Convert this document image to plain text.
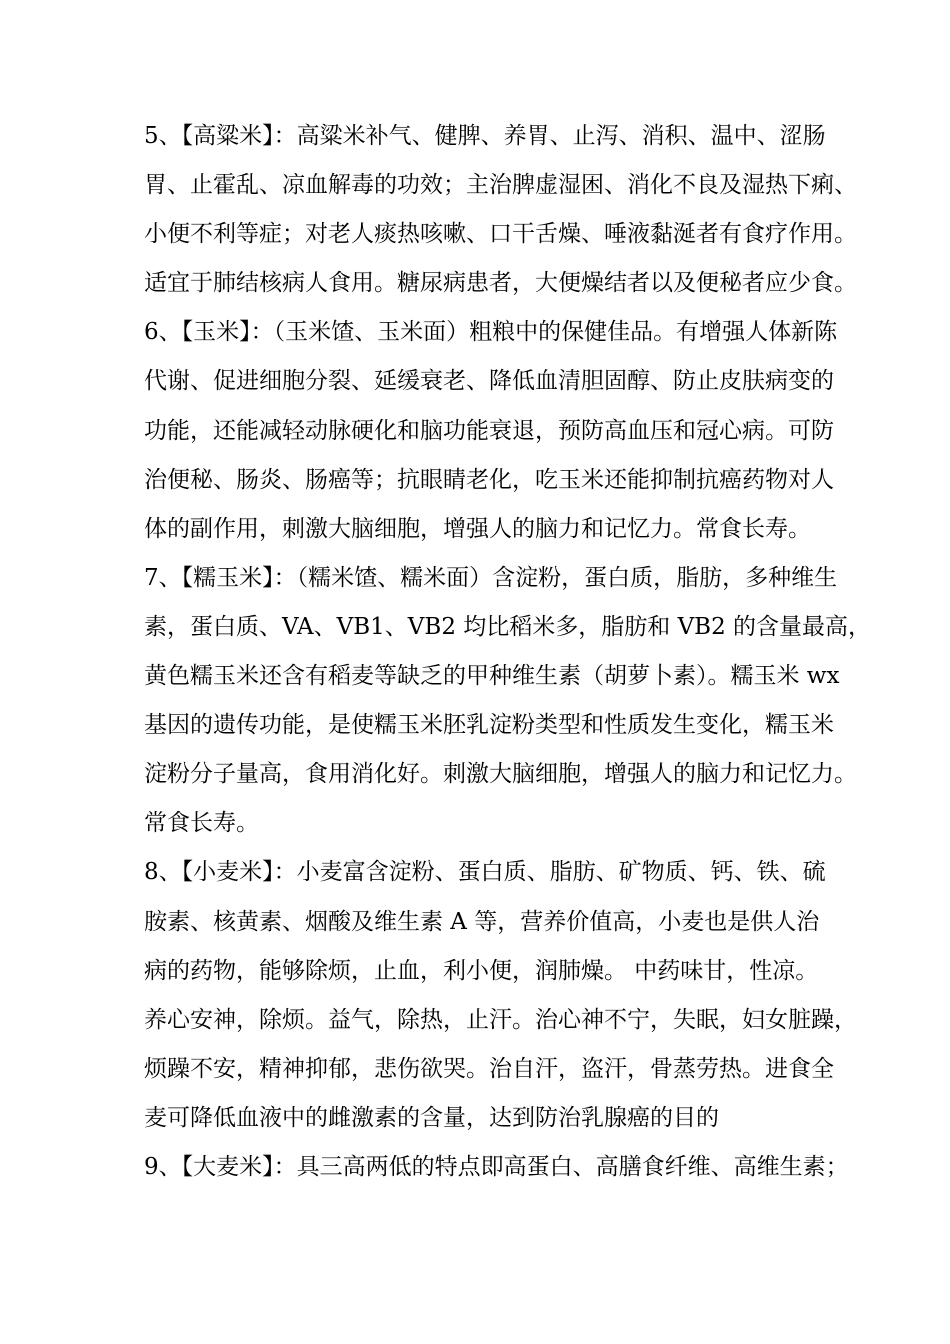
5、【高粱米】：高粱米补气、健脾、养胃、止泻、消积、温中、涩肠
胃、止霍乱、凉血解毒的功效；主治脾虚湿困、消化不良及湿热下痢、
小便不利等症；对老人痰热咳嗽、口干舌燥、唾液黏涎者有食疗作用。
适宜于肺结核病人食用。糖尿病患者，大便燥结者以及便秘者应少食。
6、【玉米】：（玉米馇、玉米面）粗粮中的保健佳品。有增强人体新陈
代谢、促进细胞分裂、延缓衰老、降低血清胆固醇、防止皮肤病变的
功能，还能减轻动脉硬化和脑功能衰退，预防高血压和冠心病。可防
治便秘、肠炎、肠癌等；抗眼睛老化，吃玉米还能抑制抗癌药物对人
体的副作用，刺激大脑细胞，增强人的脑力和记忆力。常食长寿。
7、【糯玉米】：（糯米馇、糯米面）含淀粉，蛋白质，脂肪，多种维生
素，蛋白质、VA、VB1、VB2 均比稻米多，脂肪和 VB2 的含量最高，
黄色糯玉米还含有稻麦等缺乏的甲种维生素（胡萝卜素）。糯玉米 wx
基因的遗传功能，是使糯玉米胚乳淀粉类型和性质发生变化，糯玉米
淀粉分子量高，食用消化好。刺激大脑细胞，增强人的脑力和记忆力。
常食长寿。
8、【小麦米】：小麦富含淀粉、蛋白质、脂肪、矿物质、钙、铁、硫
胺素、核黄素、烟酸及维生素 A 等，营养价值高，小麦也是供人治
病的药物，能够除烦，止血，利小便，润肺燥。 中药味甘，性凉。
养心安神，除烦。益气，除热，止汗。治心神不宁，失眠，妇女脏躁，
烦躁不安，精神抑郁，悲伤欲哭。治自汗，盗汗，骨蒸劳热。进食全
麦可降低血液中的雌激素的含量，达到防治乳腺癌的目的
9、【大麦米】：具三高两低的特点即高蛋白、高膳食纤维、高维生素；
